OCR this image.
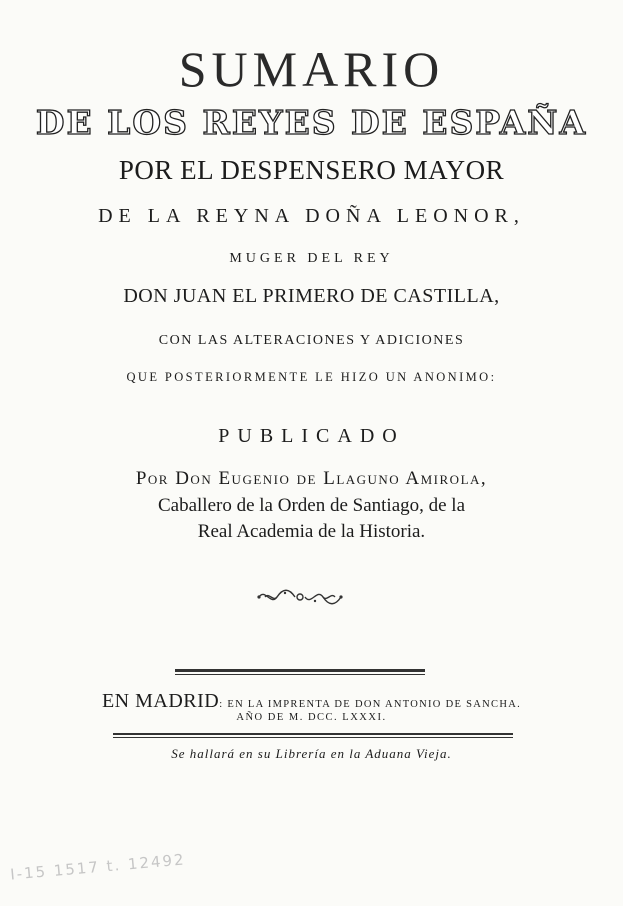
SUMARIO
DE LOS REYES DE ESPAÑA
POR EL DESPENSERO MAYOR
DE LA REYNA DOÑA LEONOR,
MUGER DEL REY
DON JUAN EL PRIMERO DE CASTILLA,
CON LAS ALTERACIONES Y ADICIONES
QUE POSTERIORMENTE LE HIZO UN ANONIMO:
PUBLICADO
Por Don Eugenio de Llaguno Amirola,
Caballero de la Orden de Santiago, de la
Real Academia de la Historia.
EN MADRID: EN LA IMPRENTA DE DON ANTONIO DE SANCHA.
AÑO DE M. DCC. LXXXI.
Se hallará en su Librería en la Aduana Vieja.
I-15 1517 t. 12492
